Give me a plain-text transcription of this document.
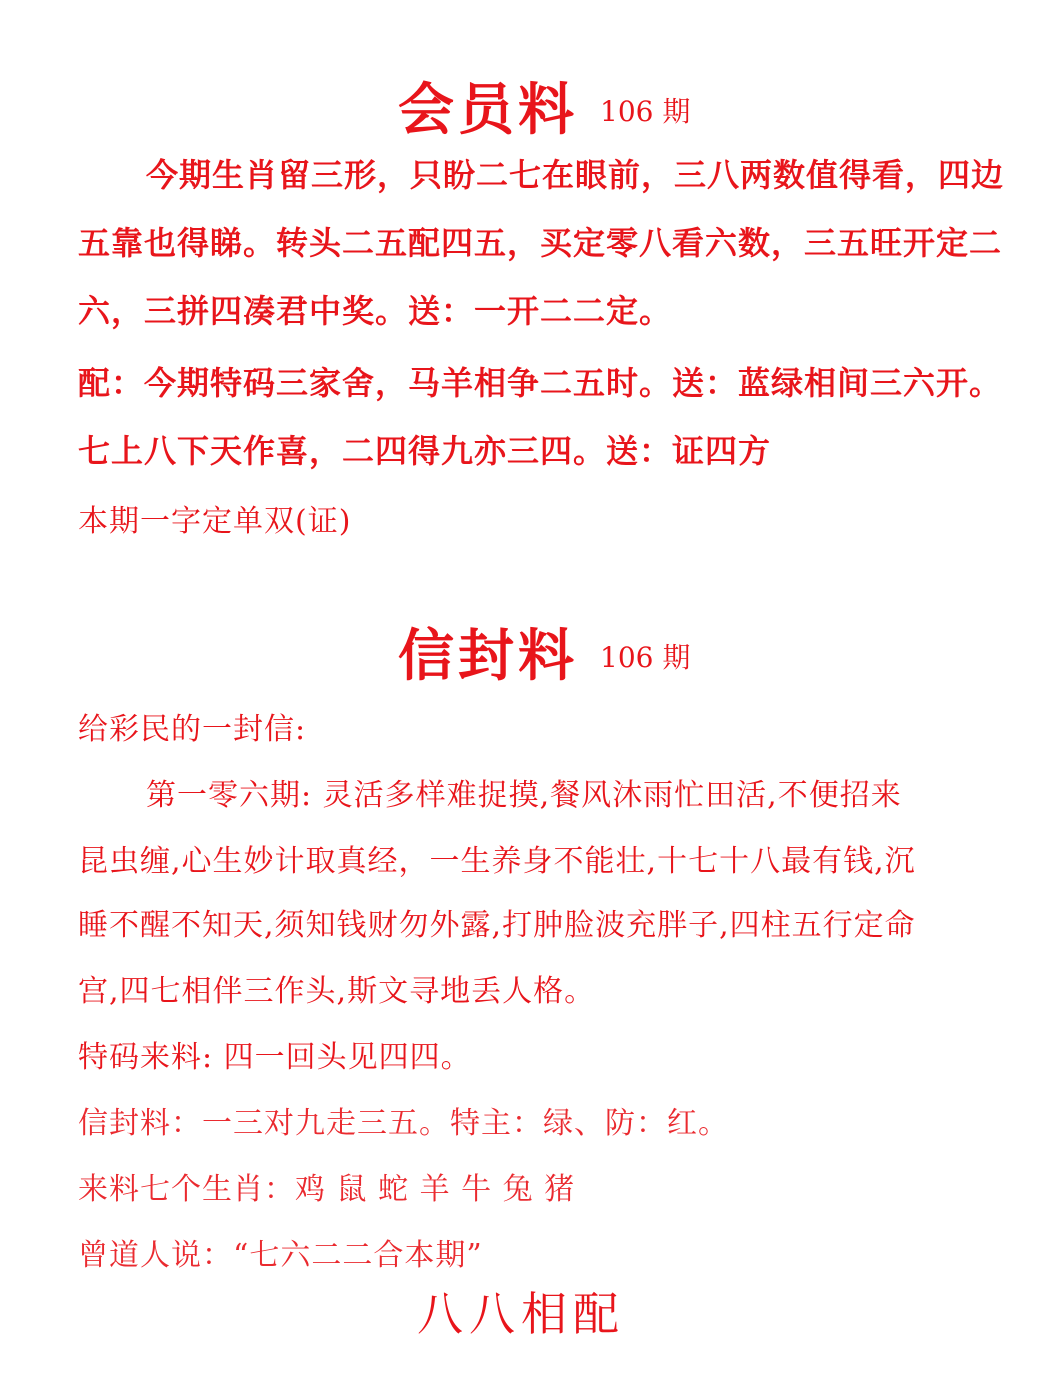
会员料 106 期
今期生肖留三形，只盼二七在眼前，三八两数值得看，四边
五靠也得睇。转头二五配四五，买定零八看六数，三五旺开定二
六，三拼四凑君中奖。送：一开二二定。
配：今期特码三家舍，马羊相争二五时。送：蓝绿相间三六开。
七上八下天作喜，二四得九亦三四。送：证四方
本期一字定单双(证)
信封料 106 期
给彩民的一封信:
第一零六期: 灵活多样难捉摸,餐风沐雨忙田活,不便招来
昆虫缠,心生妙计取真经，一生养身不能壮,十七十八最有钱,沉
睡不醒不知天,须知钱财勿外露,打肿脸波充胖子,四柱五行定命
宫,四七相伴三作头,斯文寻地丢人格。
特码来料: 四一回头见四四。
信封料：一三对九走三五。特主：绿、防：红。
来料七个生肖：鸡 鼠 蛇 羊 牛 兔 猪
曾道人说：“七六二二合本期”
八八相配
